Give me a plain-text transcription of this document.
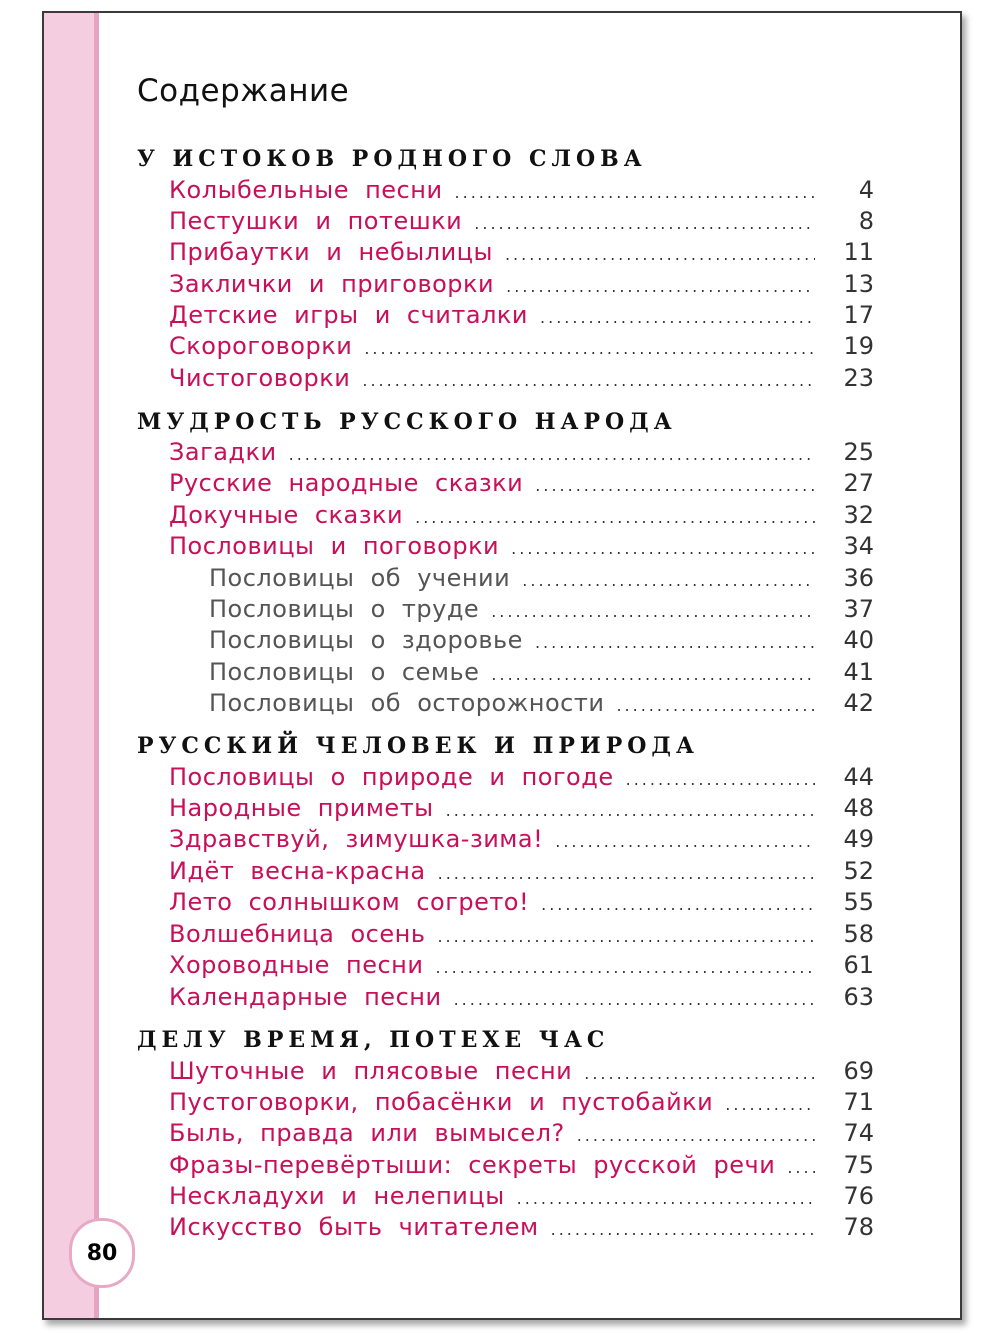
80
Содержание
У ИСТОКОВ РОДНОГО СЛОВА
Колыбельные песни .....	4
Пестушки и потешки .....	8
Прибаутки и небылицы .....	11
Заклички и приговорки .....	13
Детские игры и считалки .....	17
Скороговорки .....	19
Чистоговорки .....	23
МУДРОСТЬ РУССКОГО НАРОДА
Загадки .....	25
Русские народные сказки .....	27
Докучные сказки .....	32
Пословицы и поговорки .....	34
Пословицы об учении .....	36
Пословицы о труде .....	37
Пословицы о здоровье .....	40
Пословицы о семье .....	41
Пословицы об осторожности .....	42
РУССКИЙ ЧЕЛОВЕК И ПРИРОДА
Пословицы о природе и погоде .....	44
Народные приметы .....	48
Здравствуй, зимушка-зима! .....	49
Идёт весна-красна .....	52
Лето солнышком согрето! .....	55
Волшебница осень .....	58
Хороводные песни .....	61
Календарные песни .....	63
ДЕЛУ ВРЕМЯ, ПОТЕХЕ ЧАС
Шуточные и плясовые песни .....	69
Пустоговорки, побасёнки и пустобайки .....	71
Быль, правда или вымысел? .....	74
Фразы-перевёртыши: секреты русской речи .....	75
Нескладухи и нелепицы .....	76
Искусство быть читателем .....	78
